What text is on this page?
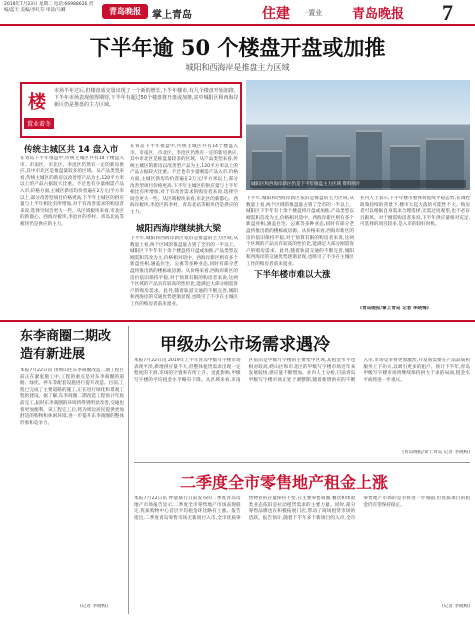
2019年7月23日 星期二 电话:66988626 责编/蓝天 美编/李红芬 审读/马卿	青岛晚报	掌上青岛	住建 ·置业 青岛晚报 7
下半年逾 50 个楼盘开盘或加推
城阳和西海岸是推盘主力区域
楼
置业着冬
市场半年过后,但楼盘成交量出现了一个新的增长,下半年楼市,有几个楼盘开始加推,下半年市场表现值得期待,下半年有超过50个楼盘将开盘或加推,其中城阳区和西海岸新区仍是推盘的主力区域。
城阳区和西海岸新区仍是下半年推盘主力区域 资料图片
传统主城区共 14 盘入市
在青岛下半年推盘中,传统主城区共有14个楼盘入市。市南区、市北区、李沧区仍然有一定的新房供应,其中市北区是推盘量较多的区域。从产品类型来看,传统主城区的新房以改善型产品为主,120平方米以上的产品占据较大比重。不过也有少量刚需产品入市,价格方面,主城区新房均价普遍在2万元/平方米以上,部分改善型项目价格更高,下半年主城区的供应量与上半年相比有所增加,对于有改善需求的购房者来说,选择空间会更大一些。从区域板块来看,市北区的新都心、西海岸板块,李沧区的李村、青岛北站等板块仍是供应的主力。
在青岛下半年推盘中,传统主城区共有14个楼盘入市。市南区、市北区、李沧区仍然有一定的新房供应,其中市北区是推盘量较多的区域。从产品类型来看,传统主城区的新房以改善型产品为主,120平方米以上的产品占据较大比重。不过也有少量刚需产品入市,价格方面,主城区新房均价普遍在2万元/平方米以上,部分改善型项目价格更高,下半年主城区的供应量与上半年相比有所增加,对于有改善需求的购房者来说,选择空间会更大一些。从区域板块来看,市北区的新都心、西海岸板块,李沧区的李村、青岛北站等板块仍是供应的主力。
城阳西海岸继续挑大梁
下半年,城阳和西海岸新区依旧是推盘的主力区域,从数量上看,两个区域的推盘量占到了全市的一半以上。城阳区下半年有十余个楼盘将开盘或加推,产品类型以刚需和首改为主,价格相对适中。西海岸新区则有多个新盘亮相,涵盖住宅、公寓等多种业态,同时有部分老盘将推出新的楼栋或房源。从价格来看,西海岸新区的房价依旧保持平稳,对于预算有限的购房者来说,这两个区域的产品具有较高的性价比,能满足大部分刚需客户的购房需求。此外,随着轨道交通的不断完善,城阳和西海岸的交通优势逐渐显现,也吸引了不少在主城区工作的购房者前来置业。
下半年,城阳和西海岸新区依旧是推盘的主力区域,从数量上看,两个区域的推盘量占到了全市的一半以上。城阳区下半年有十余个楼盘将开盘或加推,产品类型以刚需和首改为主,价格相对适中。西海岸新区则有多个新盘亮相,涵盖住宅、公寓等多种业态,同时有部分老盘将推出新的楼栋或房源。从价格来看,西海岸新区的房价依旧保持平稳,对于预算有限的购房者来说,这两个区域的产品具有较高的性价比,能满足大部分刚需客户的购房需求。此外,随着轨道交通的不断完善,城阳和西海岸的交通优势逐渐显现,也吸引了不少在主城区工作的购房者前来置业。
下半年楼市难以大涨
业内人士表示,下半年楼市整体将延续平稳态势,在调控政策持续的背景下,楼市大起大落的可能性不大。购房者可以根据自身需求合理选择,无需过度观望,也不必盲目跟风。对于刚需购房者来说,下半年供应量相对充足,可选择的项目较多,是入市的较好时机。
(青岛晚报/掌上青岛 记者 李晓梅)
东李商圈二期改造有新进展
本报7月22日讯 由崂山区东李商圈改造二期工程目前正在紧张施工中,工程的重点是对东李商圈的道路、绿化、停车等配套设施进行提升改造。目前,工程已完成了主要道路的施工,正在进行绿化和景观工程的建设。据了解,东李商圈二期改造工程预计年底前完工,届时东李商圈的环境将得到明显改善,交通也将更加便利。该工程完工后,将为周边居民提供更加舒适的购物和休闲环境,进一步提升东李商圈的整体形象和竞争力。
(记者 李晓梅)
甲级办公市场需求遇冷
本报7月22日讯 2019年上半年青岛甲级写字楼市场表现平淡,新增供应量不大,但整体租赁需求出现一定程度的下滑,市场的空置率有所上升。受此影响,甲级写字楼的平均租金水平略有下降。从区域来看,市南区依旧是甲级写字楼的主要集中区域,其租金水平也相对较高,崂山区和市北区的甲级写字楼市场近年来发展较快,供应量不断增加。业内人士分析,目前青岛甲级写字楼市场正处于调整期,随着新增供应的不断入市,市场竞争将更加激烈,开发商需要在产品品质和服务上下功夫,以吸引更多的租户。预计下半年,青岛甲级写字楼市场将继续保持供大于求的局面,租金水平或将进一步承压。
(青岛晚报/掌上青岛 记者 李晓梅)
二季度全市零售地产租金上涨
本报7月22日讯 仲量联行日前发布的二季度青岛房地产市场报告显示,二季度全市零售地产市场表现稳定,优质购物中心首层平均租金环比略有上涨。报告指出,二季度青岛零售市场无新项目入市,全市优质零售物业的存量保持不变,在主要零售商圈,餐饮和体验类业态依旧是拉动租赁需求的主要力量。同时,部分零售品牌也在积极拓展门店,带动了商场租赁市场的活跃。报告预计,随着下半年多个新项目的入市,全市零售地产市场的竞争将进一步加剧,但优质项目的租金仍有望保持稳定。
(记者 李晓梅)
